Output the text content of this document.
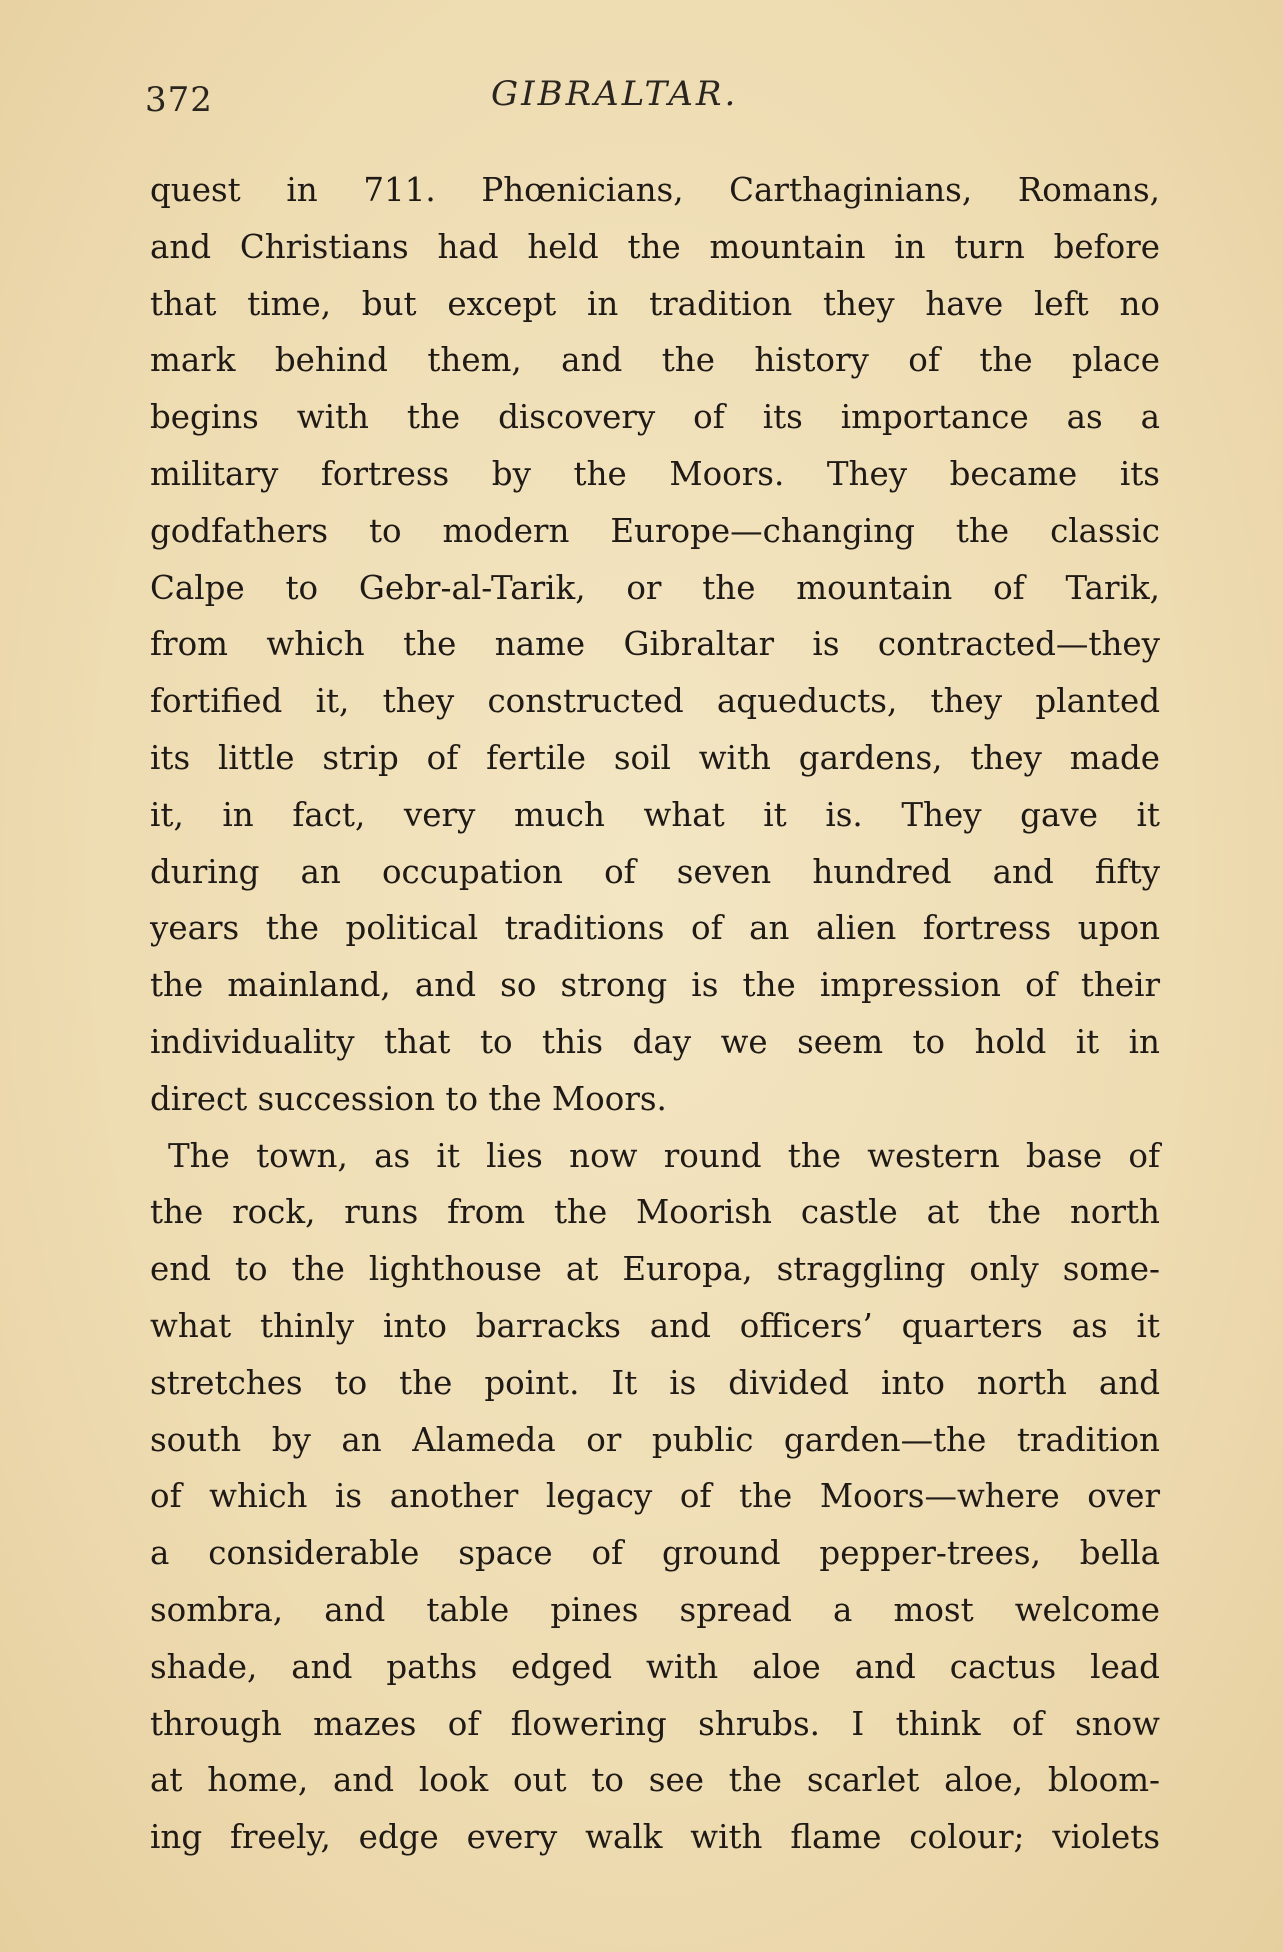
372	GIBRALTAR.
quest in 711. Phœnicians, Carthaginians, Romans,
and Christians had held the mountain in turn before
that time, but except in tradition they have left no
mark behind them, and the history of the place
begins with the discovery of its importance as a
military fortress by the Moors. They became its
godfathers to modern Europe—changing the classic
Calpe to Gebr-al-Tarik, or the mountain of Tarik,
from which the name Gibraltar is contracted—they
fortified it, they constructed aqueducts, they planted
its little strip of fertile soil with gardens, they made
it, in fact, very much what it is. They gave it
during an occupation of seven hundred and fifty
years the political traditions of an alien fortress upon
the mainland, and so strong is the impression of their
individuality that to this day we seem to hold it in
direct succession to the Moors.
The town, as it lies now round the western base of
the rock, runs from the Moorish castle at the north
end to the lighthouse at Europa, straggling only some-
what thinly into barracks and officers’ quarters as it
stretches to the point. It is divided into north and
south by an Alameda or public garden—the tradition
of which is another legacy of the Moors—where over
a considerable space of ground pepper-trees, bella
sombra, and table pines spread a most welcome
shade, and paths edged with aloe and cactus lead
through mazes of flowering shrubs. I think of snow
at home, and look out to see the scarlet aloe, bloom-
ing freely, edge every walk with flame colour; violets
